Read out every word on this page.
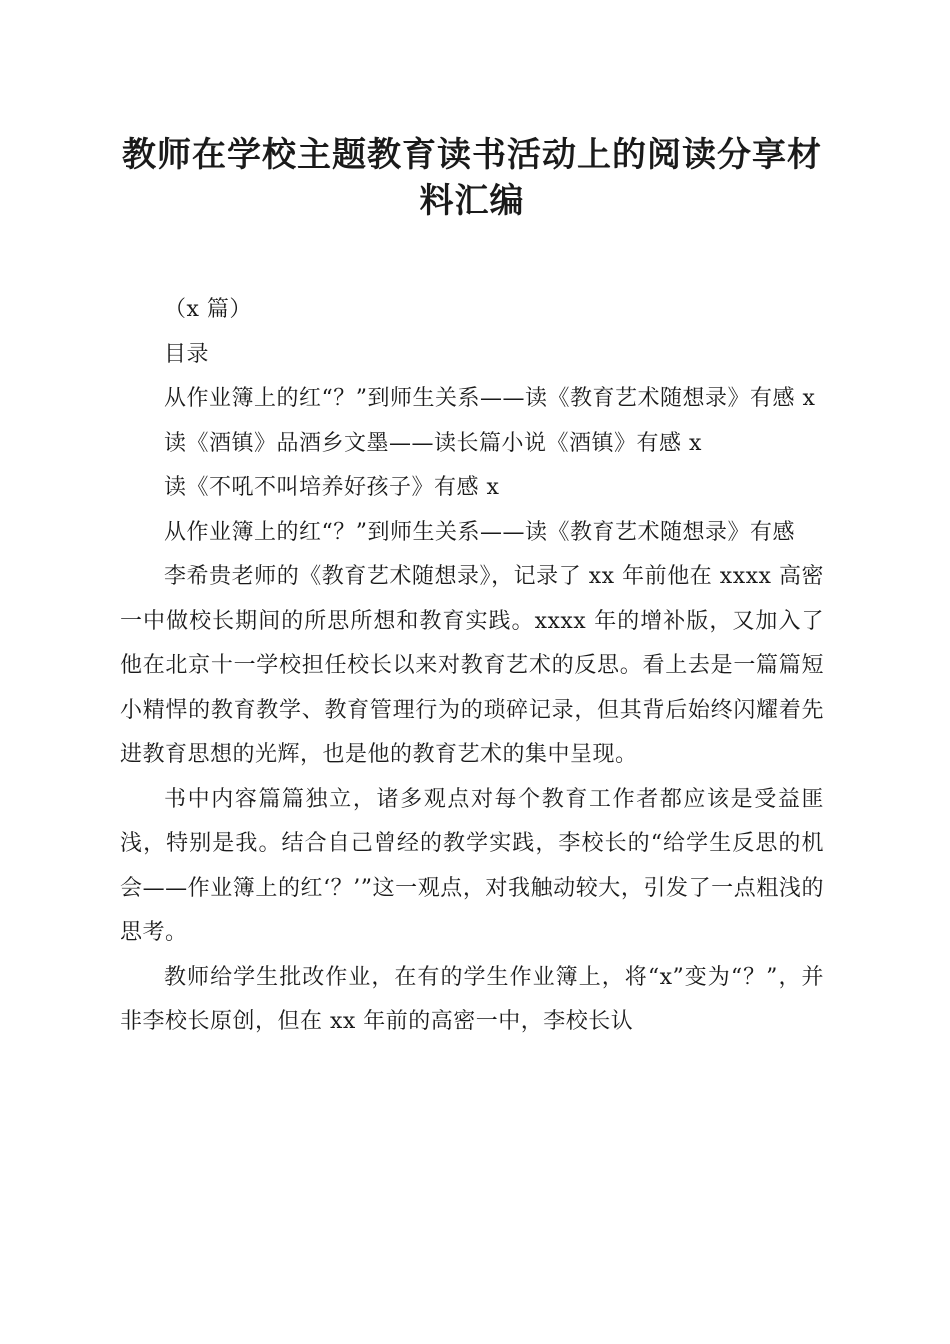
教师在学校主题教育读书活动上的阅读分享材料汇编

（x 篇）

目录

从作业簿上的红“？”到师生关系——读《教育艺术随想录》有感 x

读《酒镇》品酒乡文墨——读长篇小说《酒镇》有感 x

读《不吼不叫培养好孩子》有感 x

从作业簿上的红“？”到师生关系——读《教育艺术随想录》有感

李希贵老师的《教育艺术随想录》，记录了 xx 年前他在 xxxx 高密一中做校长期间的所思所想和教育实践。xxxx 年的增补版，又加入了他在北京十一学校担任校长以来对教育艺术的反思。看上去是一篇篇短小精悍的教育教学、教育管理行为的琐碎记录，但其背后始终闪耀着先进教育思想的光辉，也是他的教育艺术的集中呈现。

书中内容篇篇独立，诸多观点对每个教育工作者都应该是受益匪浅，特别是我。结合自己曾经的教学实践，李校长的“给学生反思的机会——作业簿上的红‘？’”这一观点，对我触动较大，引发了一点粗浅的思考。

教师给学生批改作业，在有的学生作业簿上，将“x”变为“？”，并非李校长原创，但在 xx 年前的高密一中，李校长认
